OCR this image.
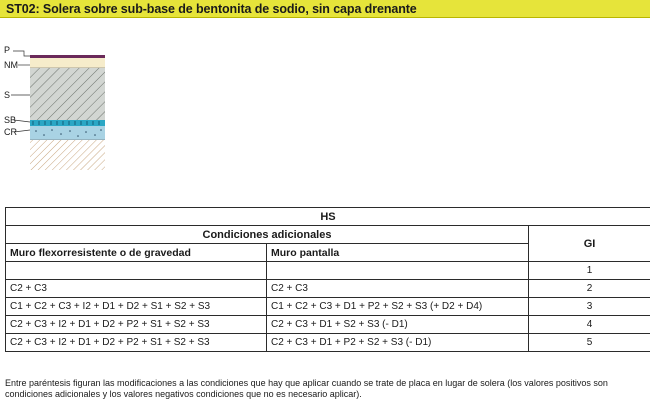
ST02: Solera sobre sub-base de bentonita de sodio, sin capa drenante
P
NM
S
SB
CR
HS		
Condiciones adicionales		GI
Muro flexorresistente o de gravedad	Muro pantalla	
		1
C2 + C3	C2 + C3	2
C1 + C2 + C3 + I2 + D1 + D2 + S1 + S2 + S3	C1 + C2 + C3 + D1 + P2 + S2 + S3 (+ D2 + D4)	3
C2 + C3 + I2 + D1 + D2 + P2 + S1 + S2 + S3	C2 + C3 + D1 + S2 + S3 (- D1)	4
C2 + C3 + I2 + D1 + D2 + P2 + S1 + S2 + S3	C2 + C3 + D1 + P2 + S2 + S3 (- D1)	5
Entre paréntesis figuran las modificaciones a las condiciones que hay que aplicar cuando se trate de placa en lugar de solera (los valores positivos son condiciones adicionales y los valores negativos condiciones que no es necesario aplicar).
